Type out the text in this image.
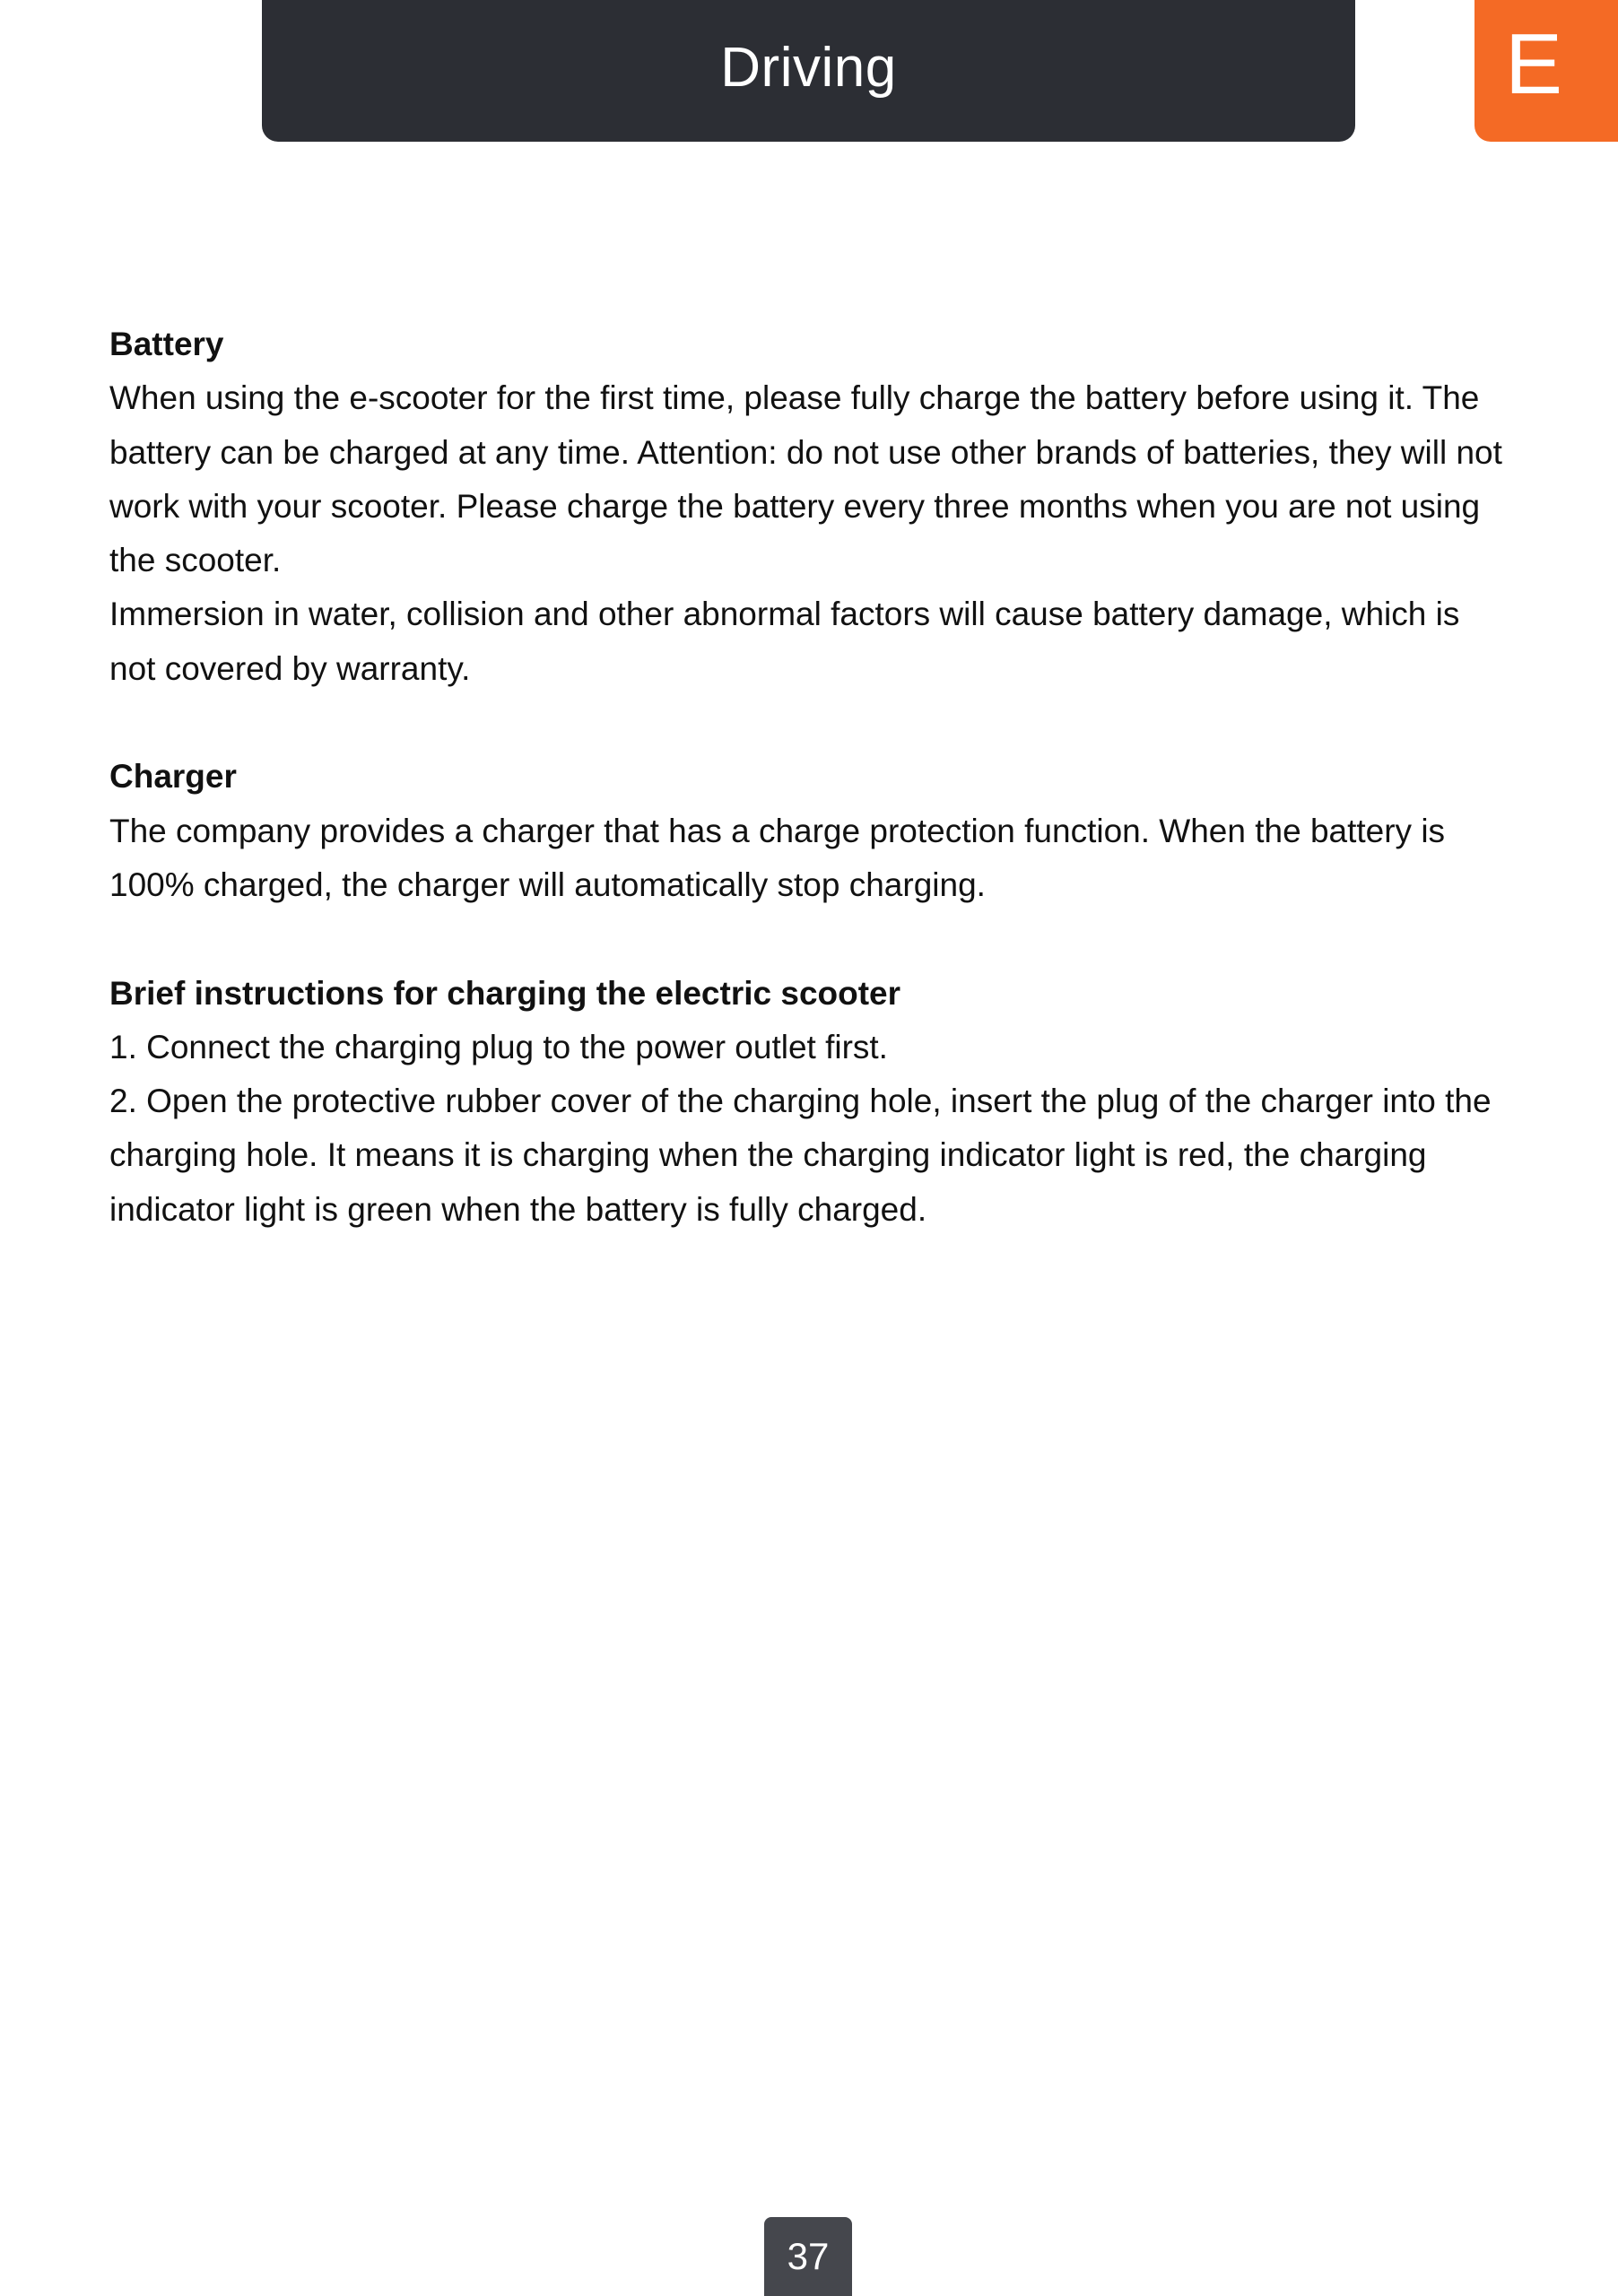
Driving	E
Battery

When using the e-scooter for the first time, please fully charge the battery before using it. The battery can be charged at any time. Attention: do not use other brands of batteries, they will not work with your scooter. Please charge the battery every three months when you are not using the scooter.

Immersion in water, collision and other abnormal factors will cause battery damage, which is not covered by warranty.

Charger

The company provides a charger that has a charge protection function. When the battery is 100% charged, the charger will automatically stop charging.

Brief instructions for charging the electric scooter

1. Connect the charging plug to the power outlet first.

2. Open the protective rubber cover of the charging hole, insert the plug of the charger into the charging hole. It means it is charging when the charging indicator light is red, the charging indicator light is green when the battery is fully charged.

37
